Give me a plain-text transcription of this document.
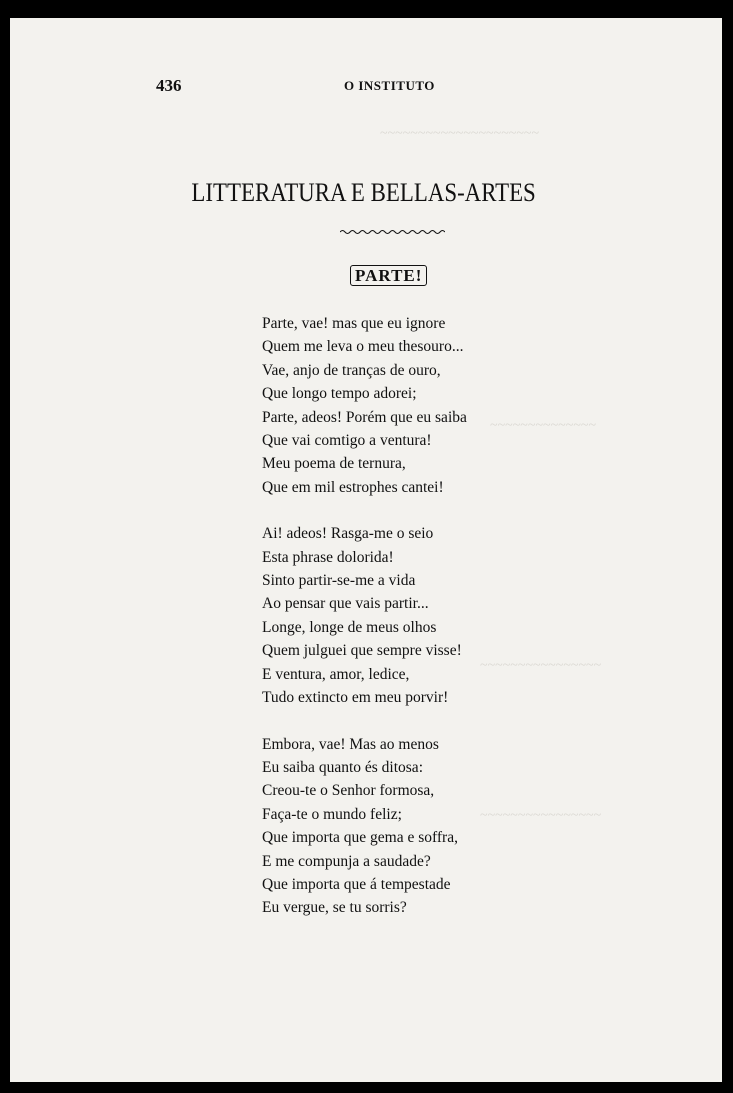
~~~~~~~~~~~~~~~~~~~~~
~~~~~~~~~~~~~~
~~~~~~~~~~~~~~~~
~~~~~~~~~~~~~~~~
436	O INSTITUTO
LITTERATURA E BELLAS-ARTES
PARTE!
Parte, vae! mas que eu ignore
Quem me leva o meu thesouro...
Vae, anjo de tranças de ouro,
Que longo tempo adorei;
Parte, adeos! Porém que eu saiba
Que vai comtigo a ventura!
Meu poema de ternura,
Que em mil estrophes cantei!
Ai! adeos! Rasga-me o seio
Esta phrase dolorida!
Sinto partir-se-me a vida
Ao pensar que vais partir...
Longe, longe de meus olhos
Quem julguei que sempre visse!
E ventura, amor, ledice,
Tudo extincto em meu porvir!
Embora, vae! Mas ao menos
Eu saiba quanto és ditosa:
Creou-te o Senhor formosa,
Faça-te o mundo feliz;
Que importa que gema e soffra,
E me compunja a saudade?
Que importa que á tempestade
Eu vergue, se tu sorris?
